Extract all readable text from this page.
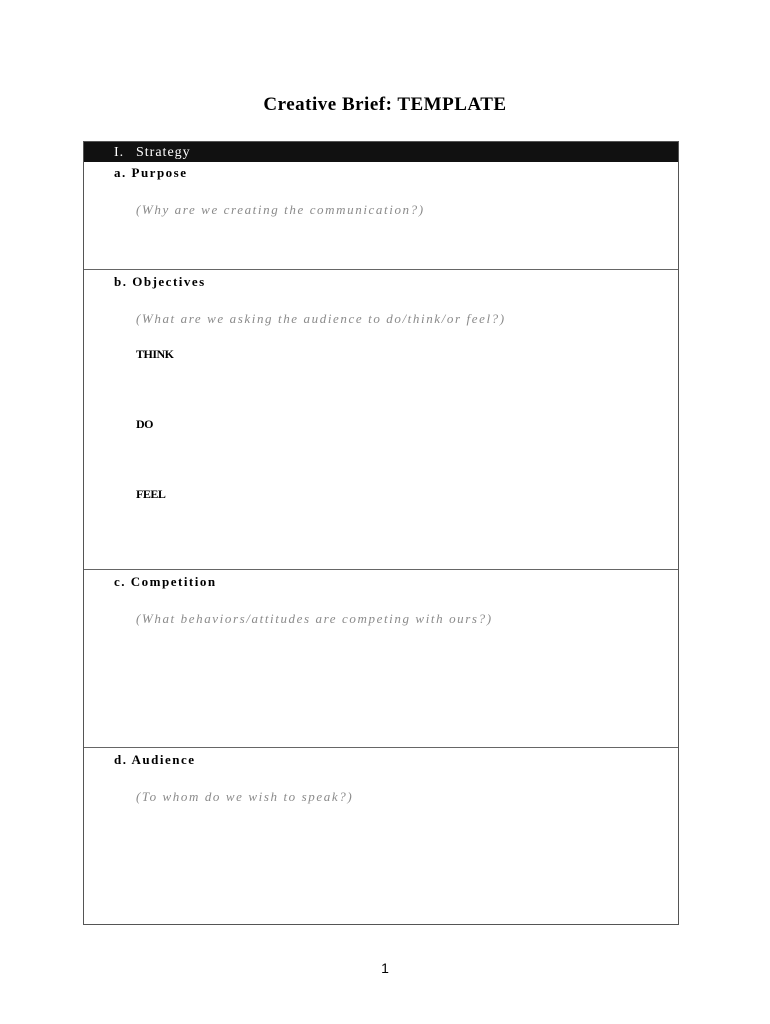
Creative Brief: TEMPLATE
I. Strategy
a. Purpose
(Why are we creating the communication?)
b. Objectives
(What are we asking the audience to do/think/or feel?)
THINK
DO
FEEL
c. Competition
(What behaviors/attitudes are competing with ours?)
d. Audience
(To whom do we wish to speak?)
1
